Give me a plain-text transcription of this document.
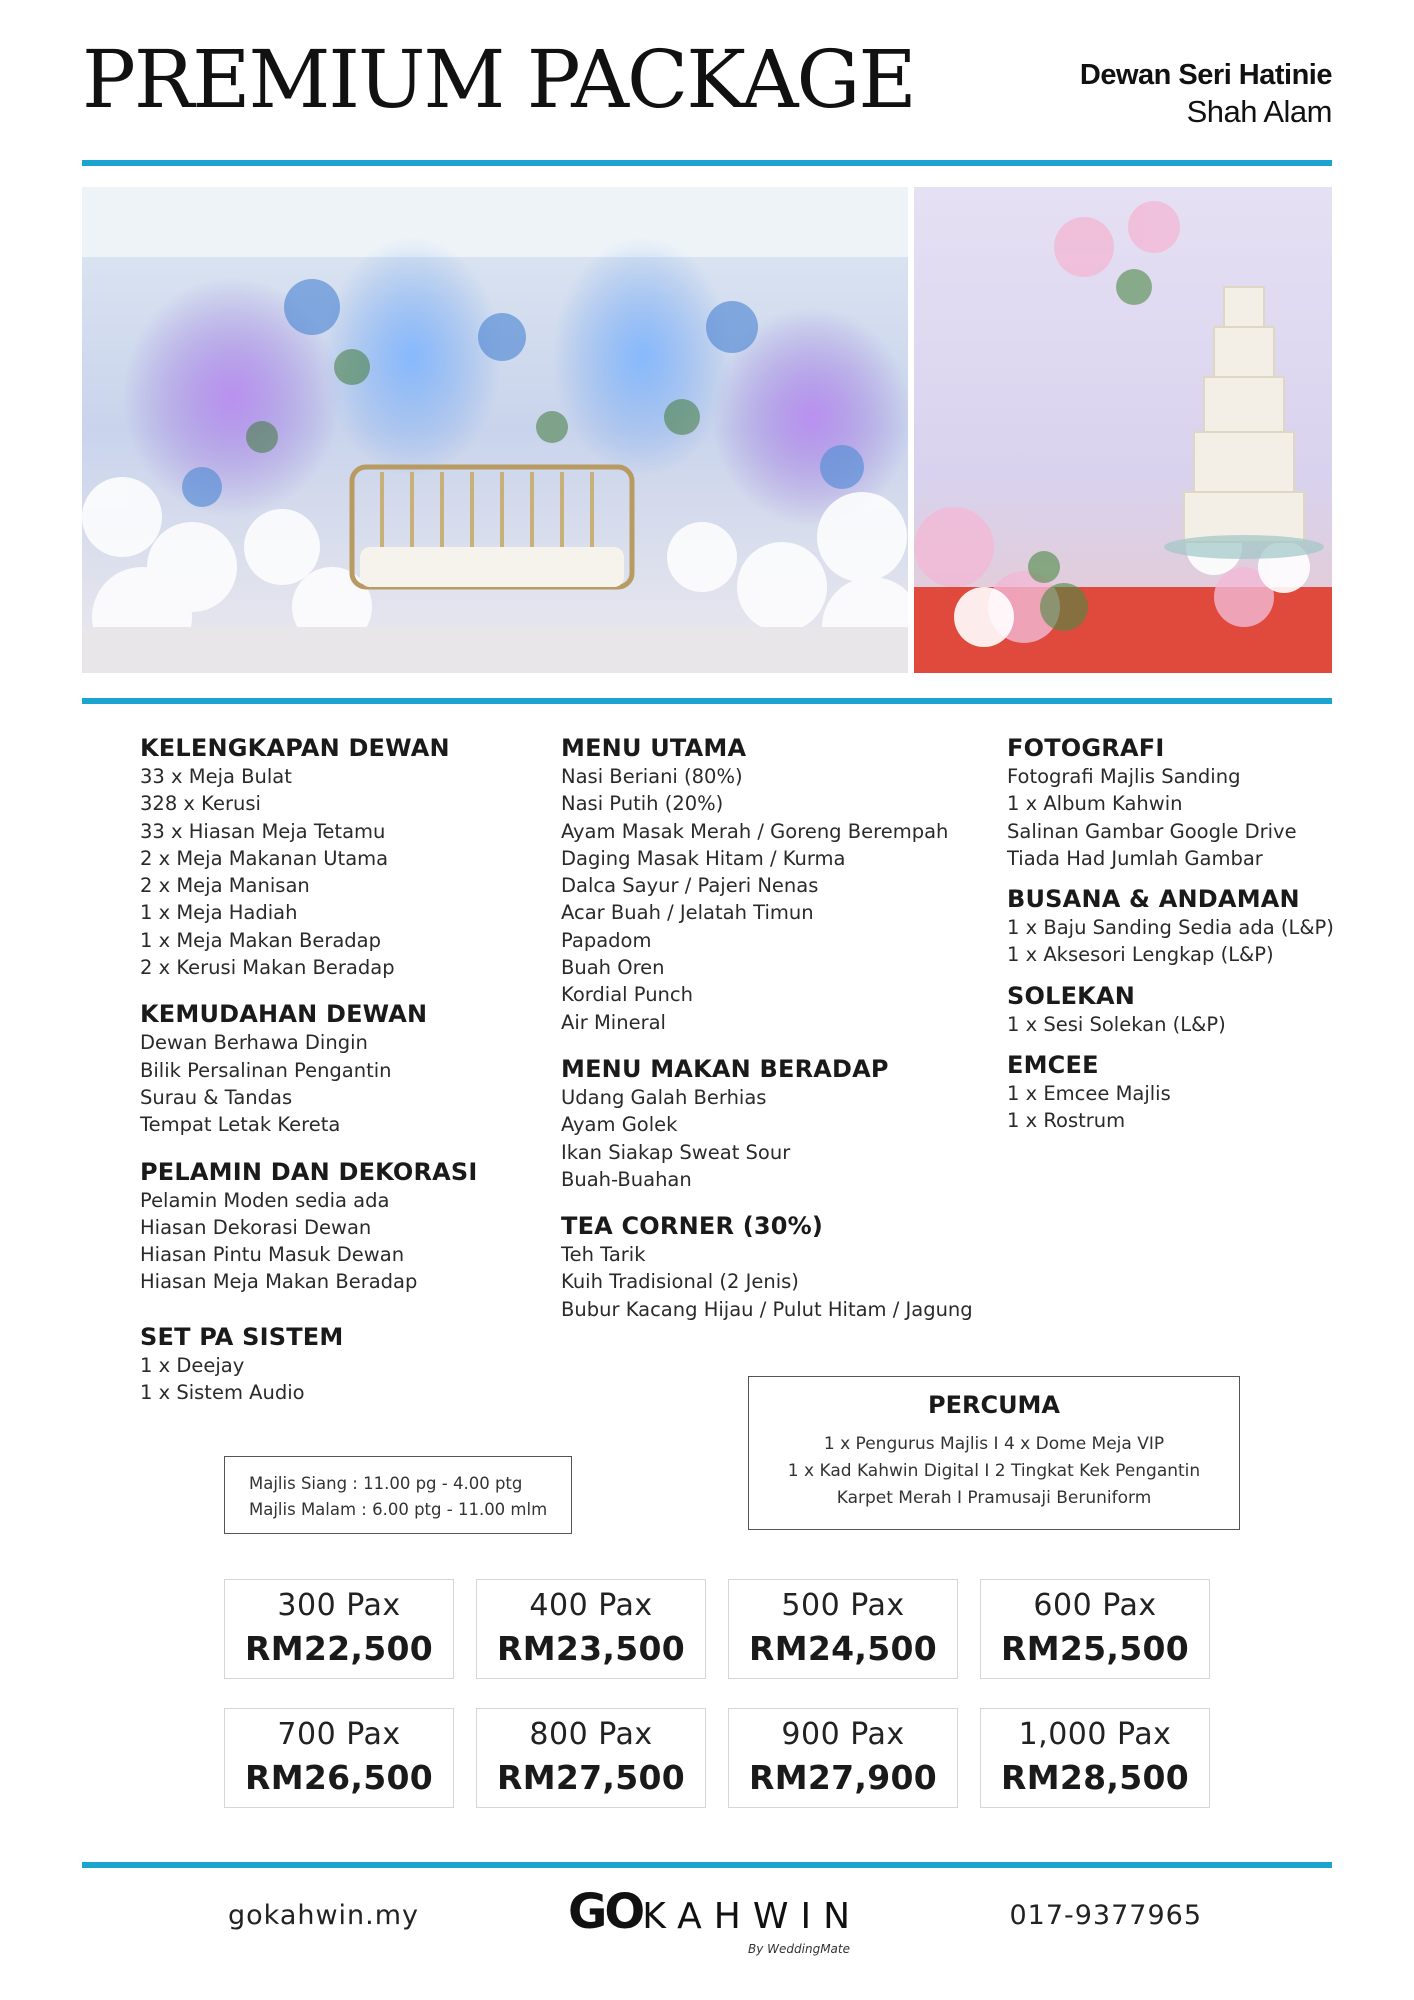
PREMIUM PACKAGE	Dewan Seri Hatinie
Shah Alam
KELENGKAPAN DEWAN
33 x Meja Bulat
328 x Kerusi
33 x Hiasan Meja Tetamu
2 x Meja Makanan Utama
2 x Meja Manisan
1 x Meja Hadiah
1 x Meja Makan Beradap
2 x Kerusi Makan Beradap
KEMUDAHAN DEWAN
Dewan Berhawa Dingin
Bilik Persalinan Pengantin
Surau & Tandas
Tempat Letak Kereta
PELAMIN DAN DEKORASI
Pelamin Moden sedia ada
Hiasan Dekorasi Dewan
Hiasan Pintu Masuk Dewan
Hiasan Meja Makan Beradap
SET PA SISTEM
1 x Deejay
1 x Sistem Audio
MENU UTAMA
Nasi Beriani (80%)
Nasi Putih (20%)
Ayam Masak Merah / Goreng Berempah
Daging Masak Hitam / Kurma
Dalca Sayur / Pajeri Nenas
Acar Buah / Jelatah Timun
Papadom
Buah Oren
Kordial Punch
Air Mineral
MENU MAKAN BERADAP
Udang Galah Berhias
Ayam Golek
Ikan Siakap Sweat Sour
Buah-Buahan
TEA CORNER (30%)
Teh Tarik
Kuih Tradisional (2 Jenis)
Bubur Kacang Hijau / Pulut Hitam / Jagung
FOTOGRAFI
Fotografi Majlis Sanding
1 x Album Kahwin
Salinan Gambar Google Drive
Tiada Had Jumlah Gambar
BUSANA & ANDAMAN
1 x Baju Sanding Sedia ada (L&P)
1 x Aksesori Lengkap (L&P)
SOLEKAN
1 x Sesi Solekan (L&P)
EMCEE
1 x Emcee Majlis
1 x Rostrum
PERCUMA

1 x Pengurus Majlis I 4 x Dome Meja VIP

1 x Kad Kahwin Digital I 2 Tingkat Kek Pengantin

Karpet Merah I Pramusaji Beruniform

Majlis Siang : 11.00 pg - 4.00 ptg
Majlis Malam : 6.00 ptg - 11.00 mlm
300 Pax
RM22,500
400 Pax
RM23,500
500 Pax
RM24,500
600 Pax
RM25,500
700 Pax
RM26,500
800 Pax
RM27,500
900 Pax
RM27,900
1,000 Pax
RM28,500
gokahwin.my	GOKAHWIN
By WeddingMate
017-9377965
